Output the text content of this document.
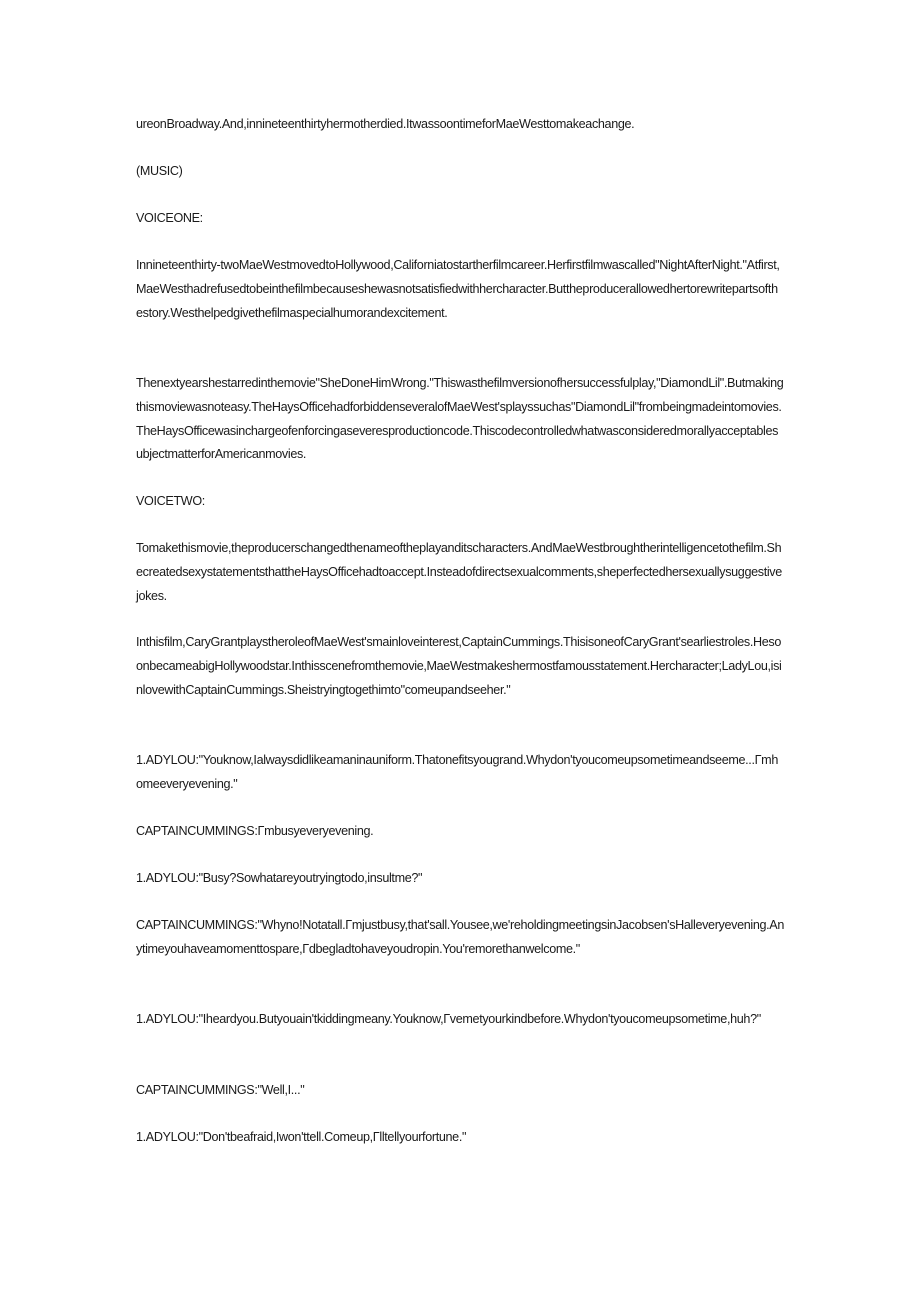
ureonBroadway.And,innineteenthirtyhermotherdied.ItwassoontimeforMaeWesttomakeachange.

(MUSIC)

VOICEONE:

Innineteenthirty-twoMaeWestmovedtoHollywood,Californiatostartherfilmcareer.Herfirstfilmwascalled"NightAfterNight."Atfirst,MaeWesthadrefusedtobeinthefilmbecauseshewasnotsatisfiedwithhercharacter.Buttheproducerallowedhertorewritepartsofthestory.Westhelpedgivethefilmaspecialhumorandexcitement.

Thenextyearshestarredinthemovie"SheDoneHimWrong."Thiswasthefilmversionofhersuccessfulplay,"DiamondLil".Butmakingthismoviewasnoteasy.TheHaysOfficehadforbiddenseveralofMaeWest'splayssuchas"DiamondLil"frombeingmadeintomovies.TheHaysOfficewasinchargeofenforcingaseveresproductioncode.ThiscodecontrolledwhatwasconsideredmorallyacceptablesubjectmatterforAmericanmovies.

VOICETWO:

Tomakethismovie,theproducerschangedthenameoftheplayanditscharacters.AndMaeWestbroughtherintelligencetothefilm.ShecreatedsexystatementsthattheHaysOfficehadtoaccept.Insteadofdirectsexualcomments,sheperfectedhersexuallysuggestivejokes.

Inthisfilm,CaryGrantplaystheroleofMaeWest'smainloveinterest,CaptainCummings.ThisisoneofCaryGrant'searliestroles.HesoonbecameabigHollywoodstar.Inthisscenefromthemovie,MaeWestmakeshermostfamousstatement.Hercharacter;LadyLou,isinlovewithCaptainCummings.Sheistryingtogethimto"comeupandseeher."

1.ADYLOU:"Youknow,Ialwaysdidlikeamaninauniform.Thatonefitsyougrand.Whydon'tyoucomeupsometimeandseeme...Γmhomeeveryevening."

CAPTAINCUMMINGS:Γmbusyeveryevening.

1.ADYLOU:"Busy?Sowhatareyoutryingtodo,insultme?"

CAPTAINCUMMINGS:"Whyno!Notatall.Γmjustbusy,that'sall.Yousee,we'reholdingmeetingsinJacobsen'sHalleveryevening.Anytimeyouhaveamomenttospare,Γdbegladtohaveyoudropin.You'remorethanwelcome."

1.ADYLOU:"Iheardyou.Butyouain'tkiddingmeany.Youknow,Γvemetyourkindbefore.Whydon'tyoucomeupsometime,huh?"

CAPTAINCUMMINGS:"Well,I..."

1.ADYLOU:"Don'tbeafraid,Iwon'ttell.Comeup,Γlltellyourfortune."
